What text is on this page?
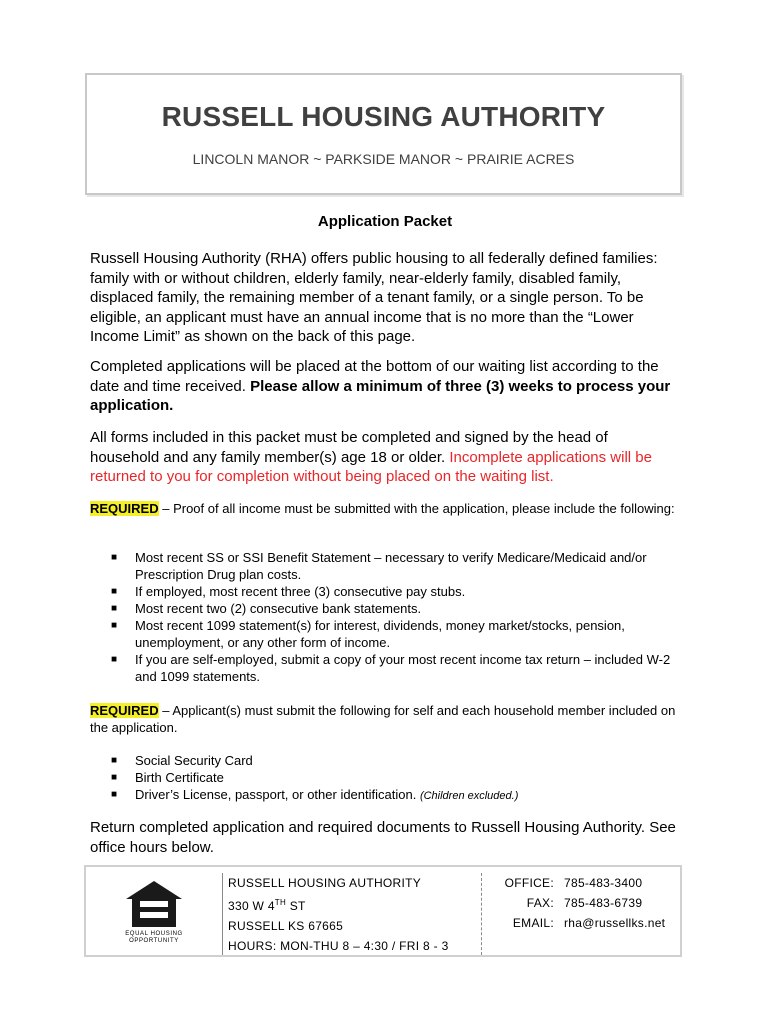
RUSSELL HOUSING AUTHORITY
LINCOLN MANOR ~ PARKSIDE MANOR ~ PRAIRIE ACRES
Application Packet

Russell Housing Authority (RHA) offers public housing to all federally defined families: family with or without children, elderly family, near-elderly family, disabled family, displaced family, the remaining member of a tenant family, or a single person. To be eligible, an applicant must have an annual income that is no more than the “Lower Income Limit” as shown on the back of this page.

Completed applications will be placed at the bottom of our waiting list according to the date and time received. Please allow a minimum of three (3) weeks to process your application.

All forms included in this packet must be completed and signed by the head of household and any family member(s) age 18 or older. Incomplete applications will be returned to you for completion without being placed on the waiting list.

REQUIRED – Proof of all income must be submitted with the application, please include the following:

■ Most recent SS or SSI Benefit Statement – necessary to verify Medicare/Medicaid and/or Prescription Drug plan costs.
■ If employed, most recent three (3) consecutive pay stubs.
■ Most recent two (2) consecutive bank statements.
■ Most recent 1099 statement(s) for interest, dividends, money market/stocks, pension, unemployment, or any other form of income.
■ If you are self-employed, submit a copy of your most recent income tax return – included W-2 and 1099 statements.

REQUIRED – Applicant(s) must submit the following for self and each household member included on the application.

■ Social Security Card
■ Birth Certificate
■ Driver’s License, passport, or other identification. (Children excluded.)

Return completed application and required documents to Russell Housing Authority. See office hours below.

EQUAL HOUSING OPPORTUNITY
RUSSELL HOUSING AUTHORITY
330 W 4TH ST
RUSSELL KS 67665
HOURS: MON-THU 8 – 4:30 / FRI 8 - 3
OFFICE: 785-483-3400
FAX: 785-483-6739
EMAIL: rha@russellks.net
